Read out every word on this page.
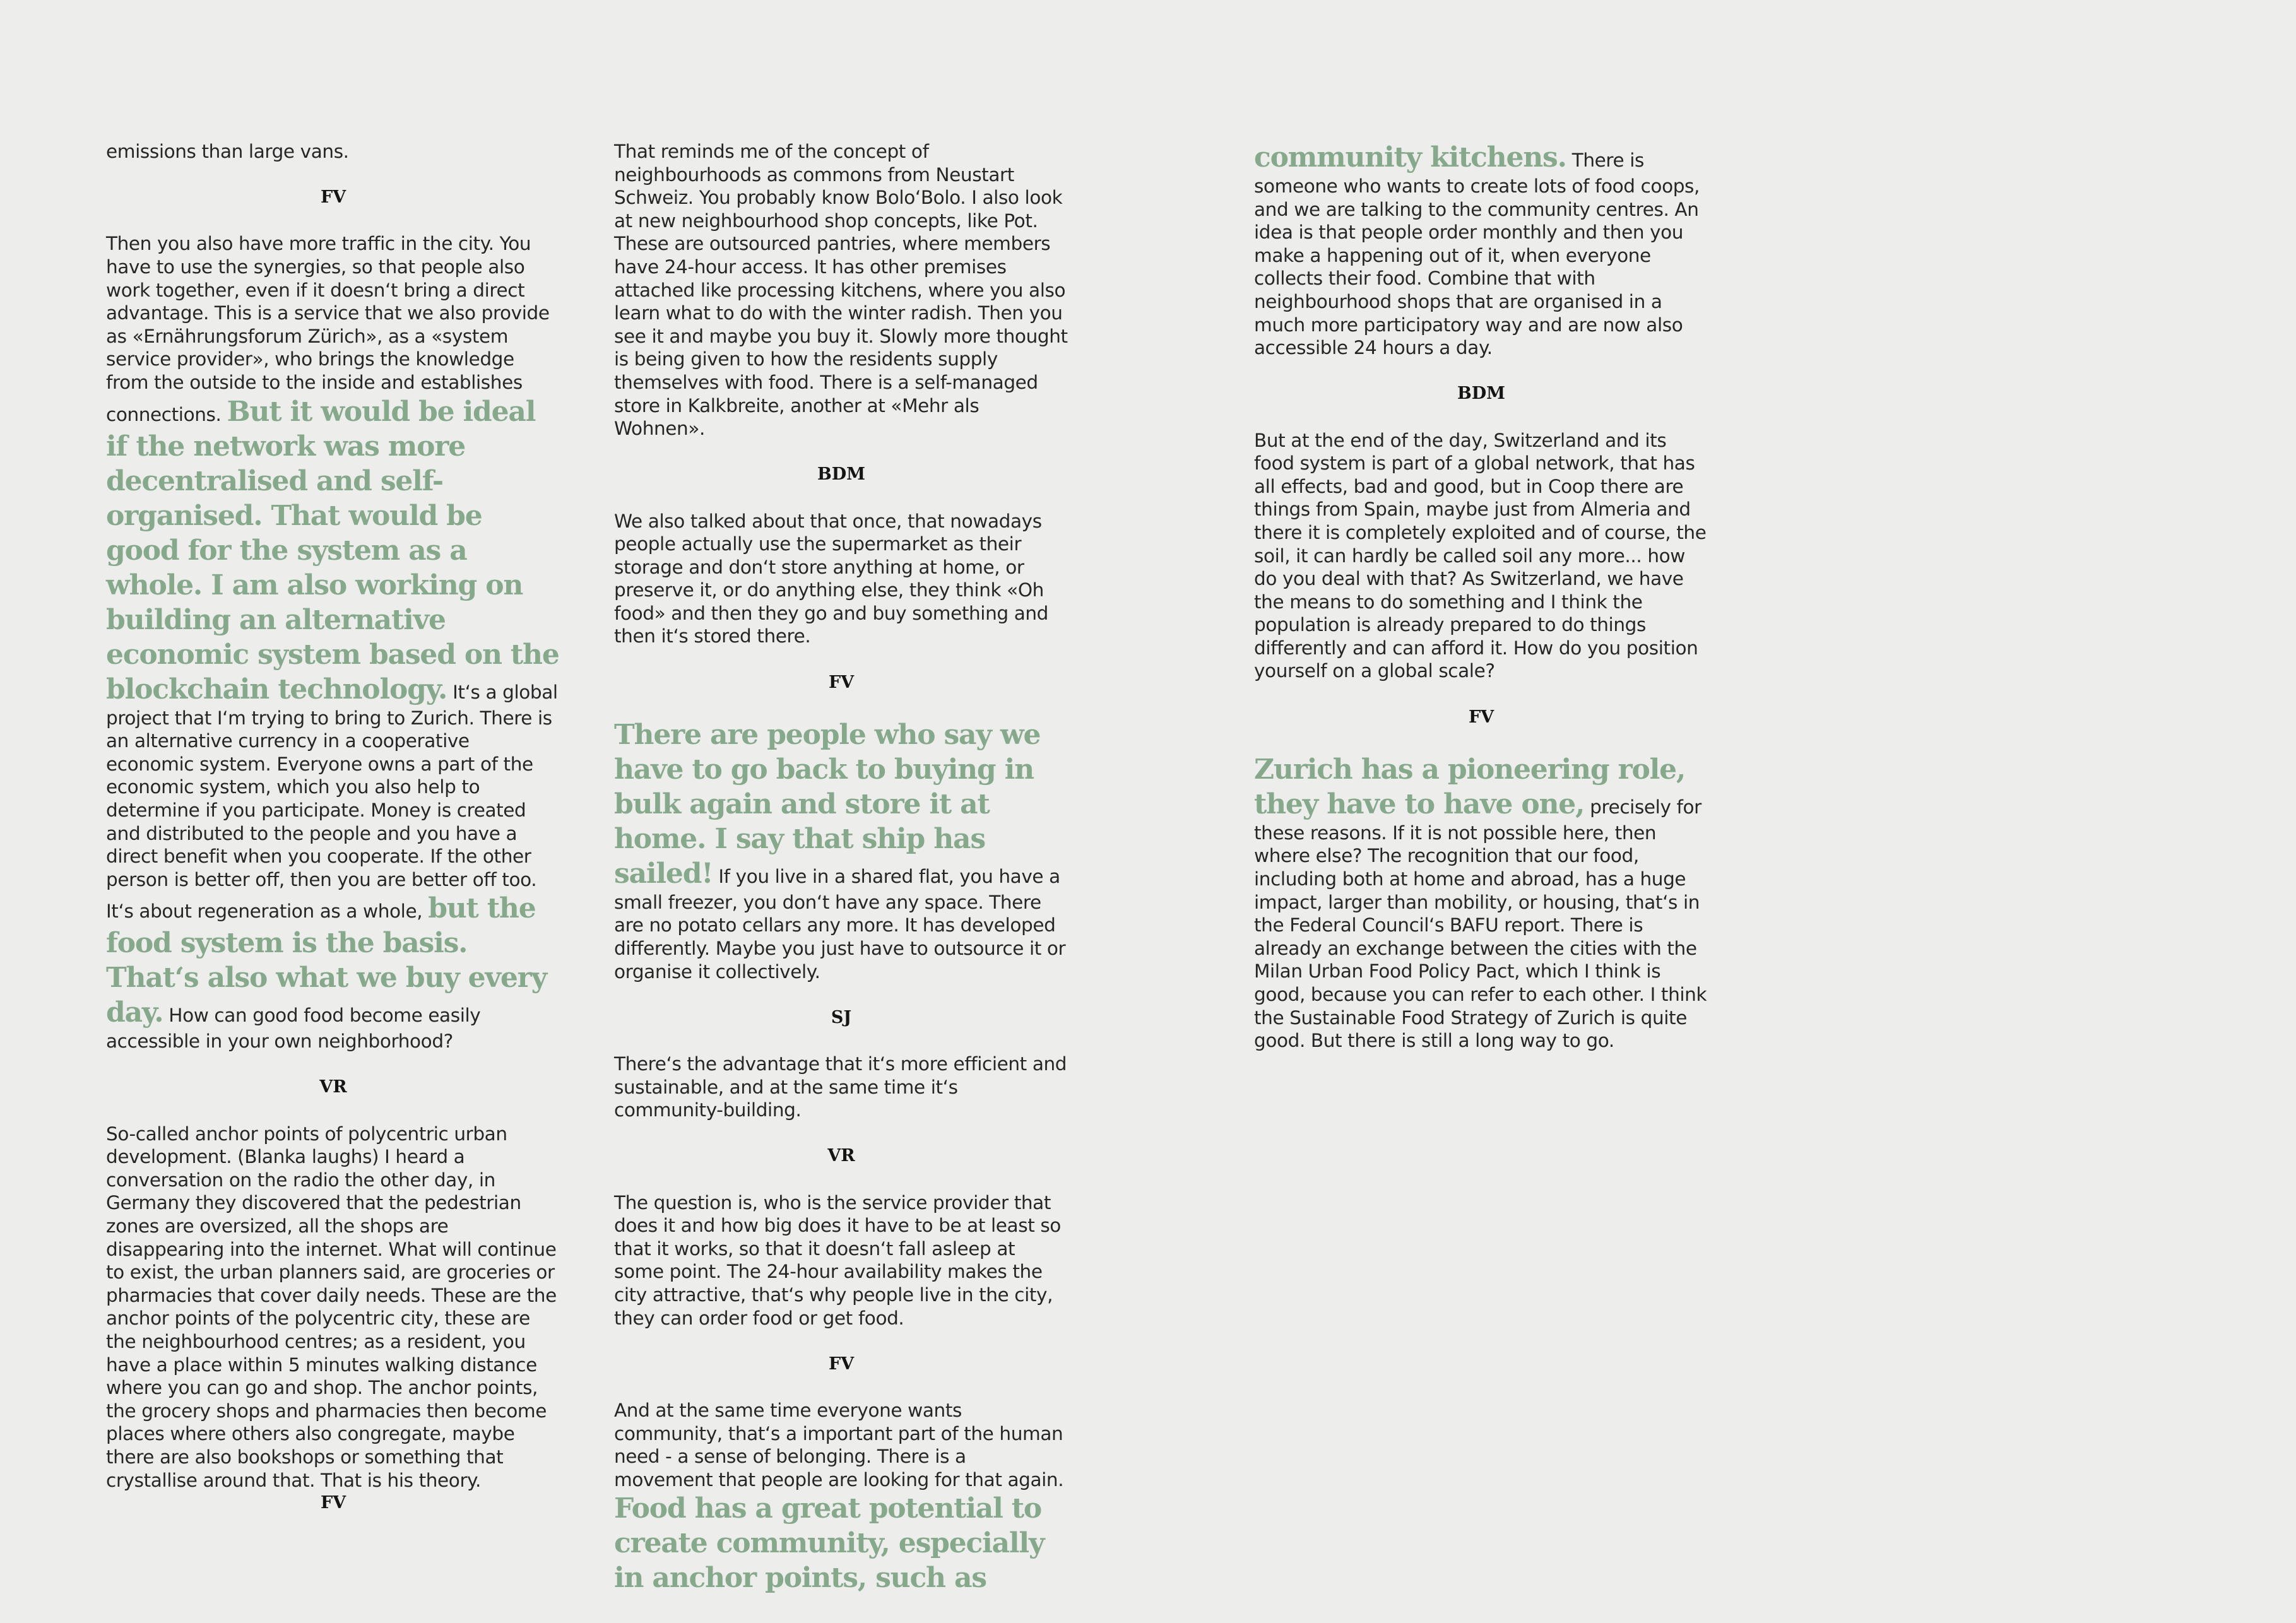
emissions than large vans.

FV

Then you also have more traffic in the city. You have to use the synergies, so that people also work together, even if it doesn‘t bring a direct advantage. This is a service that we also provide as «Ernährungsforum Zürich», as a «system service provider», who brings the knowledge from the outside to the inside and establishes connections. But it would be ideal if the network was more decentralised and self-organised. That would be good for the system as a whole. I am also working on building an alternative economic system based on the blockchain technology. It‘s a global project that I‘m trying to bring to Zurich. There is an alternative currency in a cooperative economic system. Everyone owns a part of the economic system, which you also help to determine if you participate. Money is created and distributed to the people and you have a direct benefit when you cooperate. If the other person is better off, then you are better off too. It‘s about regeneration as a whole, but the food system is the basis. That‘s also what we buy every day. How can good food become easily accessible in your own neighborhood?

VR

So-called anchor points of polycentric urban development. (Blanka laughs) I heard a conversation on the radio the other day, in Germany they discovered that the pedestrian zones are oversized, all the shops are disappearing into the internet. What will continue to exist, the urban planners said, are groceries or pharmacies that cover daily needs. These are the anchor points of the polycentric city, these are the neighbourhood centres; as a resident, you have a place within 5 minutes walking distance where you can go and shop. The anchor points, the grocery shops and pharmacies then become places where others also congregate, maybe there are also bookshops or something that crystallise around that. That is his theory.

FV

That reminds me of the concept of neighbourhoods as commons from Neustart Schweiz. You probably know Bolo‘Bolo. I also look at new neighbourhood shop concepts, like Pot. These are outsourced pantries, where members have 24-hour access. It has other premises attached like processing kitchens, where you also learn what to do with the winter radish. Then you see it and maybe you buy it. Slowly more thought is being given to how the residents supply themselves with food. There is a self-managed store in Kalkbreite, another at «Mehr als Wohnen».

BDM

We also talked about that once, that nowadays people actually use the supermarket as their storage and don‘t store anything at home, or preserve it, or do anything else, they think «Oh food» and then they go and buy something and then it‘s stored there.

FV

There are people who say we have to go back to buying in bulk again and store it at home. I say that ship has sailed! If you live in a shared flat, you have a small freezer, you don‘t have any space. There are no potato cellars any more. It has developed differently. Maybe you just have to outsource it or organise it collectively.

SJ

There‘s the advantage that it‘s more efficient and sustainable, and at the same time it‘s community-building.

VR

The question is, who is the service provider that does it and how big does it have to be at least so that it works, so that it doesn‘t fall asleep at some point. The 24-hour availability makes the city attractive, that‘s why people live in the city, they can order food or get food.

FV

And at the same time everyone wants community, that‘s a important part of the human need - a sense of belonging. There is a movement that people are looking for that again.

Food has a great potential to create community, especially in anchor points, such as

community kitchens. There is someone who wants to create lots of food coops, and we are talking to the community centres. An idea is that people order monthly and then you make a happening out of it, when everyone collects their food. Combine that with neighbourhood shops that are organised in a much more participatory way and are now also accessible 24 hours a day.

BDM

But at the end of the day, Switzerland and its food system is part of a global network, that has all effects, bad and good, but in Coop there are things from Spain, maybe just from Almeria and there it is completely exploited and of course, the soil, it can hardly be called soil any more... how do you deal with that? As Switzerland, we have the means to do something and I think the population is already prepared to do things differently and can afford it. How do you position yourself on a global scale?

FV

Zurich has a pioneering role, they have to have one, precisely for these reasons. If it is not possible here, then where else? The recognition that our food, including both at home and abroad, has a huge impact, larger than mobility, or housing, that‘s in the Federal Council‘s BAFU report. There is already an exchange between the cities with the Milan Urban Food Policy Pact, which I think is good, because you can refer to each other. I think the Sustainable Food Strategy of Zurich is quite good. But there is still a long way to go.
